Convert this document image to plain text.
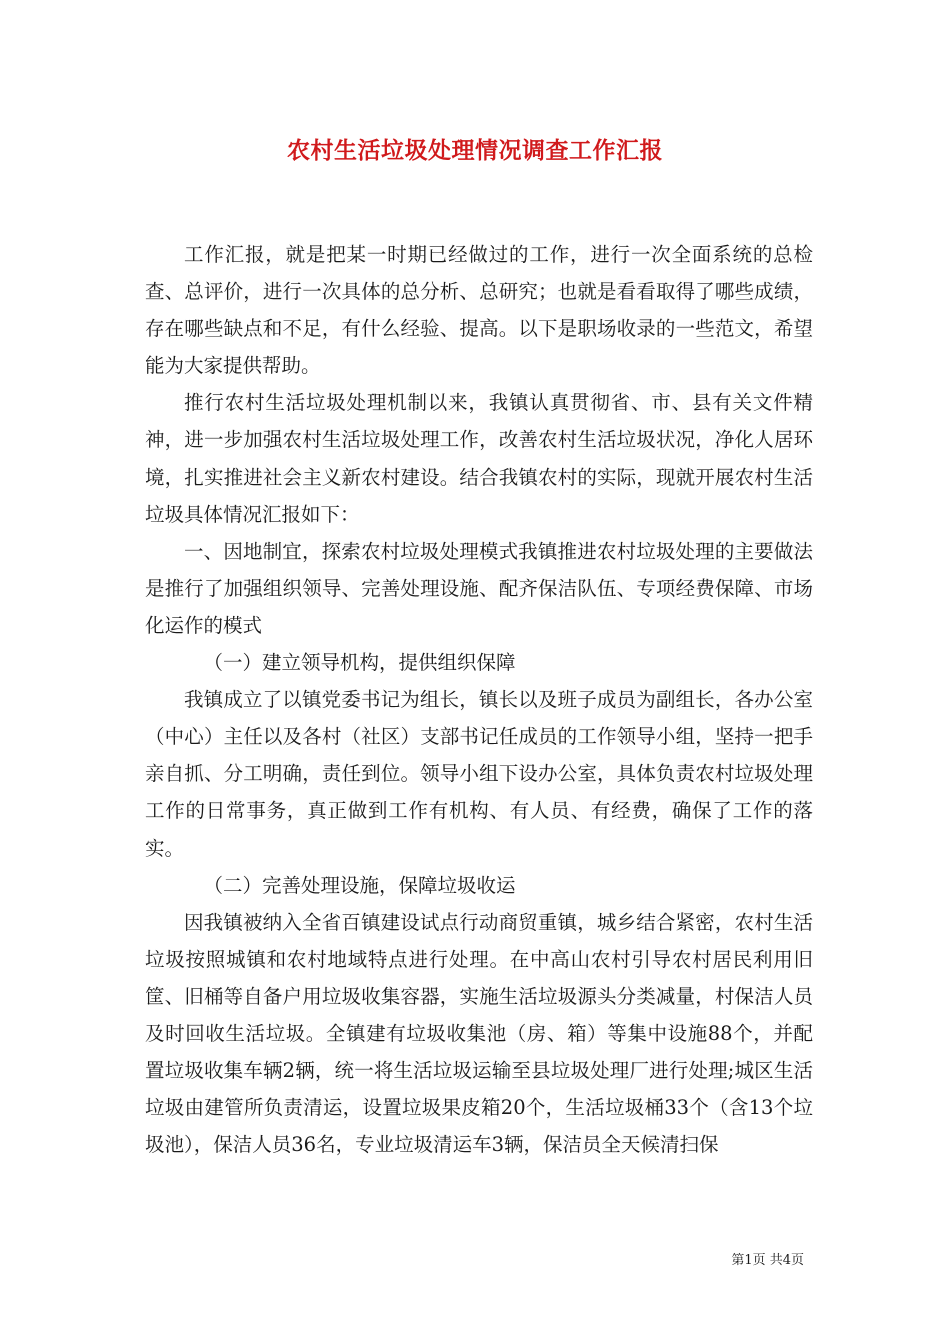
农村生活垃圾处理情况调查工作汇报

工作汇报，就是把某一时期已经做过的工作，进行一次全面系统的总检查、总评价，进行一次具体的总分析、总研究；也就是看看取得了哪些成绩，存在哪些缺点和不足，有什么经验、提高。以下是职场收录的一些范文，希望能为大家提供帮助。

推行农村生活垃圾处理机制以来，我镇认真贯彻省、市、县有关文件精神，进一步加强农村生活垃圾处理工作，改善农村生活垃圾状况，净化人居环境，扎实推进社会主义新农村建设。结合我镇农村的实际，现就开展农村生活垃圾具体情况汇报如下：

一、因地制宜，探索农村垃圾处理模式我镇推进农村垃圾处理的主要做法是推行了加强组织领导、完善处理设施、配齐保洁队伍、专项经费保障、市场化运作的模式

（一）建立领导机构，提供组织保障

我镇成立了以镇党委书记为组长，镇长以及班子成员为副组长，各办公室（中心）主任以及各村（社区）支部书记任成员的工作领导小组，坚持一把手亲自抓、分工明确，责任到位。领导小组下设办公室，具体负责农村垃圾处理工作的日常事务，真正做到工作有机构、有人员、有经费，确保了工作的落实。

（二）完善处理设施，保障垃圾收运

因我镇被纳入全省百镇建设试点行动商贸重镇，城乡结合紧密，农村生活垃圾按照城镇和农村地域特点进行处理。在中高山农村引导农村居民利用旧筐、旧桶等自备户用垃圾收集容器，实施生活垃圾源头分类减量，村保洁人员及时回收生活垃圾。全镇建有垃圾收集池（房、箱）等集中设施88个，并配置垃圾收集车辆2辆，统一将生活垃圾运输至县垃圾处理厂进行处理;城区生活垃圾由建管所负责清运，设置垃圾果皮箱20个，生活垃圾桶33个（含13个垃圾池），保洁人员36名，专业垃圾清运车3辆，保洁员全天候清扫保

第1页 共4页
